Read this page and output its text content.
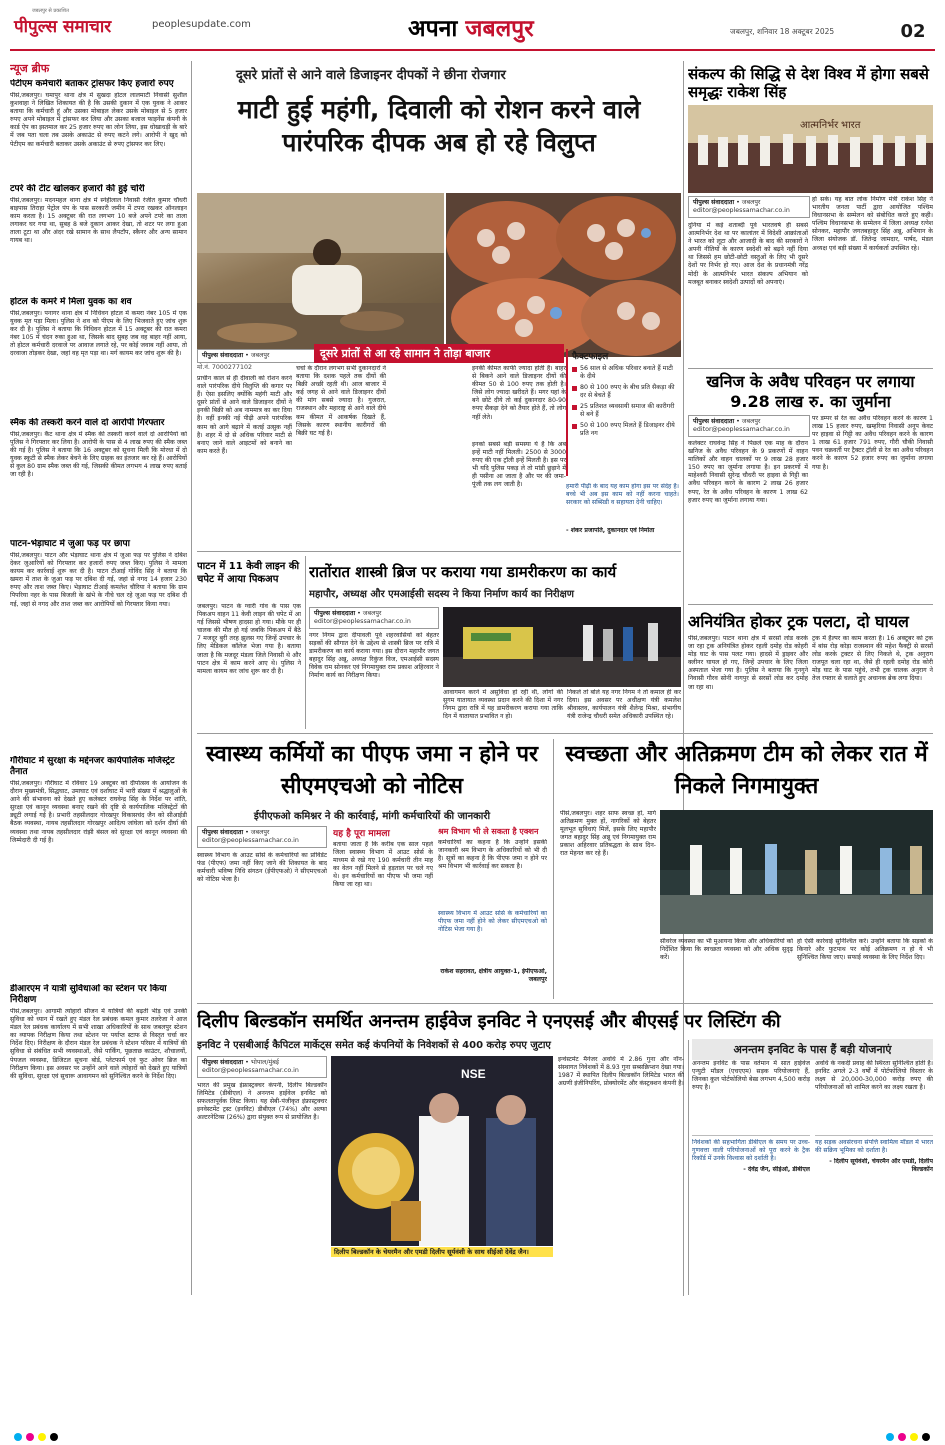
जबलपुर से प्रकाशित
पीपुल्स समाचार	peoplesupdate.com	अपना जबलपुर	जबलपुर, शनिवार 18 अक्टूबर 2025	02
न्यूज ब्रीफ
पेटीएम कर्मचारी बताकर ट्रांसफर किए हजारों रुपए
पीसं,जबलपुर। घमापुर थाना क्षेत्र में सुखदा होटल लालमाटी निवासी सुशील कुशवाहा ने लिखित शिकायत की है कि उसकी दुकान में एक युवक ने आकर बताया कि कर्मचारी हूं और उसका मोबाइल लेकर उसके मोबाइल से 5 हजार रुपए अपने मोबाइल में ट्रांसफर कर लिया और उसका बजाज फाइनेंस कंपनी के कार्ड ऐप का इस्तमाल कर 25 हजार रुपए का लोन लिया, इस धोखाधड़ी के बारे में जब पता चला तब उसके अकाउंट से रुपए कटने लगे। आरोपी ने खुद को पेटीएम का कर्मचारी बताकर उसके अकाउंट से रुपए ट्रांसफर कर लिए।
टपरे की टीट खोलकर हजारों की हुई चोरी
पीसं,जबलपुर। मदनमहल थाना क्षेत्र में स्नेहीलाल निवासी रंजीत कुमार चौधरी बाइपास तिराहा पेट्रोल पंप के पास सरकारी जमीन में टपरा रखकर ऑनलाइन काम करता है। 15 अक्टूबर की रात लगभग 10 बजे अपने टपरे का ताला लगाकर घर गया था, सुबह 8 बजे दुकान आकर देखा, तो शटर पर लगा हुआ ताला टूटा था और अंदर रखे सामान के साथ लैपटॉप, स्कैनर और अन्य सामान गायब था।
होटल के कमरे में मिला युवक का शव
पीसं,जबलपुर। पनागर थाना क्षेत्र में निधिवन होटल में कमरा नंबर 105 में एक युवक मृत पड़ा मिला। पुलिस ने शव को पीएम के लिए भिजवाते हुए जांच शुरू कर दी है। पुलिस ने बताया कि निधिवन होटल में 15 अक्टूबर की रात कमरा नंबर 105 में चंदन रुका हुआ था, जिसके बाद सुबह जब वह बाहर नहीं आया, तो होटल कर्मचारी दरवाजे पर आवाज लगाते रहे, पर कोई जवाब नहीं आया, तो दरवाजा तोड़कर देखा, जहां वह मृत पड़ा था। मर्ग कायम कर जांच शुरू की है।
स्मैक की तस्करी करने वाले दो आरोपी गिरफ्तार
पीसं,जबलपुर। कैंट थाना क्षेत्र में स्मैक की तस्करी करने वाले दो आरोपियों को पुलिस ने गिरफ्तार कर लिया है। आरोपी के पास से 4 लाख रुपए की स्मैक जब्त की गई है। पुलिस ने बताया कि 16 अक्टूबर को सूचना मिली कि मोरधा में दो युवक स्कूटी से स्मैक लेकर बेचने के लिए ग्राहक का इंतजार कर रहे हैं। आरोपियों से कुल 80 ग्राम स्मैक जब्त की गई, जिसकी कीमत लगभग 4 लाख रुपए बताई जा रही है।
पाटन-भेड़ाघाट में जुआ फड़ पर छापा
पीसं,जबलपुर। पाटन और भेड़ाघाट थाना क्षेत्र में जुआ फड़ पर पुलिस ने दबिश देकर जुआरियों को गिरफ्तार कर हजारों रुपए जब्त किए। पुलिस ने मामला कायम कर कार्रवाई शुरू कर दी है। पाटन टीआई गोविंद सिंह ने बताया कि खमरा में ताश के जुआ फड़ पर दबिश दी गई, जहां से नगद 14 हजार 230 रुपए और ताश जब्त किए। भेड़ाघाट टीआई कमलेश चौरिया ने बताया कि ग्राम पिपरिया नहर के पास बिजली के खंभे के नीचे चल रहे जुआ फड़ पर दबिश दी गई, जहां से नगद और ताश जब्त कर आरोपियों को गिरफ्तार किया गया।
गौरीघाट में सुरक्षा के मद्देनजर कार्यपालिक मजिस्ट्रेट तैनात
पीसं,जबलपुर। गौरीघाट में रविवार 19 अक्टूबर को दीपोत्सव के आयोजन के दौरान मुख्यमंत्री, सिद्धघाट, उमाघाट एवं दर्शाघाट में भारी संख्या में श्रद्धालुओं के आने की संभावना को देखते हुए कलेक्टर राघवेन्द्र सिंह के निर्देश पर शांति, सुरक्षा एवं कानून व्यवस्था बनाए रखने की दृष्टि से कार्यपालिक मजिस्ट्रेटों की ड्यूटी लगाई गई है। प्रभारी तहसीलदार गोरखपुर विकासचंद जैन को सीआईडी बैठक व्यवस्था, नायब तहसीलदार गोरखपुर आदित्य जांघेला को दर्शन दीर्घा की व्यवस्था तथा नायब तहसीलदार रांझी बंसल को सुरक्षा एवं कानून व्यवस्था की जिम्मेदारी दी गई है।
डीआरएम ने यात्री सुविधाओं का स्टेशन पर किया निरीक्षण
पीसं,जबलपुर। आगामी त्योहारों सीजन में यात्रियों की बढ़ती भीड़ एवं उनकी सुविधा को ध्यान में रखते हुए मंडल रेल प्रबंधक कमल कुमार तलरेजा ने आज मंडल रेल प्रबंधक कार्यालय में सभी शाखा अधिकारियों के साथ जबलपुर स्टेशन का व्यापक निरीक्षण किया तथा स्टेशन पर पर्याप्त स्टाफ से विस्तृत चर्चा कर निर्देश दिए। निरीक्षण के दौरान मंडल रेल प्रबंधक ने स्टेशन परिसर में यात्रियों की सुविधा से संबंधित सभी व्यवस्थाओं, जैसे पार्किंग, पूछताछ काउंटर, शौचालयों, पेयजल व्यवस्था, डिजिटल सूचना बोर्ड, प्लेटफार्म एवं फुट ओवर ब्रिज का निरीक्षण किया। इस अवसर पर उन्होंने आने वाले त्योहारों को देखते हुए यात्रियों की सुविधा, सुरक्षा एवं सुचारू आवागमन को सुनिश्चित करने के निर्देश दिए।
दूसरे प्रांतों से आने वाले डिजाइनर दीपकों ने छीना रोजगार
माटी हुई महंगी, दिवाली को रोशन करने वाले पारंपरिक दीपक अब हो रहे विलुप्त
पीपुल्स संवाददाता • जबलपुर
मो.नं. 7000277102
दूसरे प्रांतों से आ रहे सामान ने तोड़ा बाजार
प्राचीन काल से ही दीवाली को रोशन करने वाले पारंपरिक दीये विलुप्ति की कगार पर हैं। ऐसा इसलिए क्योंकि महंगी माटी और दूसरे प्रांतों से आने वाले डिजाइनर दीयों ने इनकी बिक्री को अब नाममात्र का कर दिया है। वहीं इनकी नई पीढ़ी अपने पारंपरिक काम को आगे बढ़ाने में कतई उत्सुक नहीं है। शहर में दो से अधिक परिवार माटी से बनाए जाने वाले आइटमों को बनाने का काम करते हैं।
चर्चा के दौरान लगभग सभी दुकानदारों ने बताया कि दशक पहले तक दीयों की बिक्री अच्छी रहती थी। आज बाजार में कई जगह से आने वाले डिजाइनर दीयों की मांग सबसे ज्यादा है। गुजरात, राजस्थान और महाराष्ट्र से आने वाले दीये कम कीमत में आकर्षक दिखते हैं, जिसके कारण स्थानीय कारीगरों की बिक्री घट गई है।
इनकी कीमत काफी ज्यादा होती है। बाहर से बिकने आने वाले डिजाइनर दीयों की कीमत 50 से 100 रुपए तक होती है। जिसे लोग ज्यादा खरीदते हैं। मगर यहां के बने छोटे दीये तो कई दुकानदार 80-90 रुपए सैकड़ा देने को तैयार होते हैं, तो लोग नहीं लेते।
इनको सबसे बड़ी समस्या ये है कि अब इन्हें माटी नहीं मिलती। 2500 से 3000 रुपए की एक ट्रॉली इन्हें मिलती है। इस पर भी यदि पुलिस पकड़ ले तो मांडी छुड़ाने में ही पसीना आ जाता है और पर की जमा-पूंजी तक लग जाती है।
फैक्टफाइल
56 साल से अधिक परिवार बनाते हैं माटी के दीये
80 से 100 रुपए के बीच प्रति सैकड़ा की दर से बेचते हैं
25 प्रतिशत व्यवसायी समाज की कारीगरी से बने हैं
50 से 100 रुपए मिलते हैं डिजाइनर दीये प्रति नग
हमारी पीढ़ी के बाद यह काम होगा इस पर संदेह है। बच्चे भी अब इस काम को नहीं करना चाहते। सरकार को सब्सिडी व सहायता देनी चाहिए।
- शंकर प्रजापति, दुकानदार एवं निर्माता
संकल्प की सिद्धि से देश विश्व में होगा सबसे समृद्धः राकेश सिंह
आत्मनिर्भर भारत
पीपुल्स संवाददाता • जबलपुर
editor@peoplessamachar.co.in
दुनिया में कई शताब्दी पूर्व भारतवर्ष ही सबसे आत्मनिर्भर देश था पर कालांतर में विदेशी आक्रांताओं ने भारत को लूटा और आजादी के बाद की सरकारों ने अपनी नीतियों के कारण स्वदेशी को बढ़ने नहीं दिया था जिससे हम छोटी-छोटी वस्तुओं के लिए भी दूसरे देशों पर निर्भर हो गए। आज देश के प्रधानमंत्री नरेंद्र मोदी के आत्मनिर्भर भारत संकल्प अभियान को मजबूत बनाकर स्वदेशी उत्पादों को अपनाएं।
हो सके। यह बात लोक निर्माण मंत्री राकेश सिंह ने भारतीय जनता पार्टी द्वारा आयोजित पश्चिम विधानसभा के सम्मेलन को संबोधित करते हुए कही। पश्चिम विधानसभा के सम्मेलन में जिला अध्यक्ष रत्नेश सोनकर, महापौर जगतबहादुर सिंह अन्नू, अभियान के जिला संयोजक डॉ. जितेन्द्र जामदार, पार्षद, मंडल अध्यक्ष एवं बड़ी संख्या में कार्यकर्ता उपस्थित रहे।
खनिज के अवैध परिवहन पर लगाया 9.28 लाख रु. का जुर्माना
पीपुल्स संवाददाता • जबलपुर
editor@peoplessamachar.co.in
कलेक्टर राघवेन्द्र सिंह ने पिछले एक माह के दौरान खनिज के अवैध परिवहन के 9 प्रकरणों में वाहन मालिकों और वाहन चालकों पर 9 लाख 28 हजार 150 रुपए का जुर्माना लगाया है। इन प्रकरणों में माहेश्वरी निवासी सुरेन्द्र चौधरी पर हाइवा से गिट्टी का अवैध परिवहन करने के कारण 2 लाख 26 हजार रुपए, रेत के अवैध परिवहन के कारण 1 लाख 62 हजार रुपए का जुर्माना लगाया गया।
पर डम्पर से रेत का अवैध परिवहन करने के कारण 1 लाख 15 हजार रुपए, खम्हरिया निवासी अनूप केवट पर हाइवा से गिट्टी का अवैध परिवहन करने के कारण 1 लाख 61 हजार 791 रुपए, गौरी चौकी निवासी पवन चक्रवर्ती पर ट्रैक्टर ट्रॉली से रेत का अवैध परिवहन करने के कारण 52 हजार रुपए का जुर्माना लगाया गया है।
अनियंत्रित होकर ट्रक पलटा, दो घायल
पीसं,जबलपुर। पाटन थाना क्षेत्र में सरसों लोड करके जा रहा ट्रक अनियंत्रित होकर रहली दमोह रोड कोहरी मोड़ घाट के पास पलट गया। हादसे में ड्राइवर और क्लीनर घायल हो गए, जिन्हें उपचार के लिए जिला अस्पताल भेजा गया है। पुलिस ने बताया कि गुनगुने निवासी गौरव सोनी नागपुर से सरसों लोड कर दमोह जा रहा था।
ट्रक में हैल्पर का काम करता है। 16 अक्टूबर को ट्रक में बांस रोड़ कोड़ा राजस्थान की महेश फैक्ट्री से सरसों लोड करके ट्रक्टर से लिए निकले थे, ट्रक अनुराग राजपूत चला रहा था, जैसे ही रहली दमोह रोड कोरी मोड़ घाट के पास पहुंचे, तभी ट्रक चालक अनुराग ने तेज रफ्तार से चलाते हुए अचानक ब्रेक लगा दिया।
पाटन में 11 केवी लाइन की चपेट में आया पिकअप
जबलपुर। पाटन के ग्वारी गांव के पास एक पिकअप वाहन 11 केवी लाइन की चपेट में आ गई जिससे भीषण हादसा हो गया। मौके पर ही चालक की मौत हो गई जबकि पिकअप में बैठे 7 मजदूर बुरी तरह झुलस गए जिन्हें उपचार के लिए मेडिकल कॉलेज भेजा गया है। बताया जाता है कि मजदूर मंडला जिले निवासी थे और पाटन क्षेत्र में काम करने आए थे। पुलिस ने मामला कायम कर जांच शुरू कर दी है।
रातोंरात शास्त्री ब्रिज पर कराया गया डामरीकरण का कार्य
महापौर, अध्यक्ष और एमआईसी सदस्य ने किया निर्माण कार्य का निरीक्षण
पीपुल्स संवाददाता • जबलपुर
editor@peoplessamachar.co.in
नगर निगम द्वारा दीपावली पूर्व शहरवासियों को बेहतर सड़कों की सौगात देने के उद्देश्य से शास्त्री ब्रिज पर रात्रि में डामरीकरण का कार्य कराया गया। इस दौरान महापौर जगत बहादुर सिंह अन्नू, अध्यक्ष रिकुंज विज, एमआईसी सदस्य विवेक राम सोनकर एवं निगमायुक्त राम प्रकाश अहिरवार ने निर्माण कार्य का निरीक्षण किया।
आवागमन करने में असुविधा हो रही थी, लोगों की सुगम यातायात व्यवस्था प्रदान करने की दिशा में नगर निगम द्वारा रात्रि में यह डामरीकरण कराया गया ताकि दिन में यातायात प्रभावित न हो।
निकले तो बोले यह नगर निगम ने तो कमाल ही कर दिया। इस अवसर पर अधीक्षण यंत्री कमलेश श्रीवास्तव, कार्यपालन यंत्री शैलेन्द्र मिश्रा, संभागीय यंत्री राजेन्द्र चौधरी समेत अधिकारी उपस्थित रहे।
स्वास्थ्य कर्मियों का पीएफ जमा न होने पर सीएमएचओ को नोटिस
ईपीएफओ कमिश्नर ने की कार्रवाई, मांगी कर्मचारियों की जानकारी
पीपुल्स संवाददाता • जबलपुर
editor@peoplessamachar.co.in
स्वास्थ्य विभाग के आउट सोर्स के कर्मचारियों का प्रोविडेंट फंड (पीएफ) जमा नहीं किए जाने की शिकायत के बाद कर्मचारी भविष्य निधि संगठन (ईपीएफओ) ने सीएमएचओ को नोटिस भेजा है।
यह है पूरा मामला
बताया जाता है कि करीब एक साल पहले जिला स्वास्थ्य विभाग में आउट सोर्स के माध्यम से रखे गए 190 कर्मचारी तीन माह का वेतन नहीं मिलने से हड़ताल पर चले गए थे। इन कर्मचारियों का पीएफ भी जमा नहीं किया जा रहा था।
श्रम विभाग भी ले सकता है एक्शन
कर्मचारियों का कहना है कि उन्होंने इसकी जानकारी श्रम विभाग के अधिकारियों को भी दी है। सूत्रों का कहना है कि पीएफ जमा न होने पर श्रम विभाग भी कार्रवाई कर सकता है।
स्वास्थ्य विभाग में आउट सोर्स के कर्मचारियों का पीएफ जमा नहीं होने को लेकर सीएमएचओ को नोटिस भेजा गया है।
राकेश सहरावत, क्षेत्रीय आयुक्त-1, ईपीएफओ, जबलपुर
स्वच्छता और अतिक्रमण टीम को लेकर रात में निकले निगमायुक्त
पीसं,जबलपुर। शहर साफ स्वच्छ हो, मार्ग अतिक्रमण मुक्त हों, नागरिकों को बेहतर मूलभूत सुविधाएं मिलें, इसके लिए महापौर जगत बहादुर सिंह अन्नू एवं निगमायुक्त राम प्रकाश अहिरवार प्रतिबद्धता के साथ दिन-रात मेहनत कर रहे हैं।
सीवरेज व्यवस्था का भी मुआयना किया और अधिकारियों को निर्देशित किया कि स्वच्छता व्यवस्था को और अधिक सुदृढ़ करें।
हो ऐसी कार्रवाई सुनिश्चित करें। उन्होंने बताया कि सड़कों के किनारे और फुटपाथ पर कोई अतिक्रमण न हो ये भी सुनिश्चित किया जाए। सफाई व्यवस्था के लिए निर्देश दिए।
दिलीप बिल्डकॉन समर्थित अनन्तम हाईवेज इनविट ने एनएसई और बीएसई पर लिस्टिंग की
इनविट ने एसबीआई कैपिटल मार्केट्स समेत कई कंपनियों के निवेशकों से 400 करोड़ रुपए जुटाए
पीपुल्स संवाददाता • भोपाल/मुंबई
editor@peoplessamachar.co.in
भारत की प्रमुख इंफ्रास्ट्रक्चर कंपनी, दिलीप बिल्डकॉन लिमिटेड (डीबीएल) ने अनन्तम हाईवेज इनविट को सफलतापूर्वक लिस्ट किया। यह सेबी-पंजीकृत इंफ्रास्ट्रक्चर इनवेस्टमेंट ट्रस्ट (इनविट) डीबीएल (74%) और अल्फा अल्टरनेटिव्स (26%) द्वारा संयुक्त रूप से प्रायोजित है।
NSE
दिलीप बिल्डकॉन के चेयरमैन और एमडी दिलीप सूर्यवंशी के साथ सीईओ देवेंद्र जैन।
इन्वेस्टमेंट मैनेजर अवधि में 2.86 गुना और नॉन-संस्थागत निवेशकों में 8.93 गुना सब्सक्रिप्शन देखा गया। 1987 में स्थापित दिलीप बिल्डकॉन लिमिटेड भारत की अग्रणी इंजीनियरिंग, प्रोक्योरमेंट और कंस्ट्रक्शन कंपनी है।
अनन्तम इनविट के पास हैं बड़ी योजनाएं
अनन्तम इनविट के पास वर्तमान में सात हाईवेज एन्युटी मॉडल (एचएएम) सड़क परियोजनाएं हैं, जिनका कुल पोर्टफोलियो बेस्ड लगभग 4,500 करोड़ रुपए है।
अवधि के नकदी प्रवाह की स्थिरता सुनिश्चित होती है। इनविट अगले 2-3 वर्षों में पोर्टफोलियो विस्तार के लक्ष्य से 20,000-30,000 करोड़ रुपए की परियोजनाओं को शामिल करने का लक्ष्य रखता है।
निवेशकों की सहभागिता डीबीएल के समय पर उच्च-गुणवत्ता वाली परियोजनाओं को पूरा करने के ट्रैक रिकॉर्ड में उनके विश्वास को दर्शाती है।
- देवेंद्र जैन, सीईओ, डीबीएल
यह सड़क अवसंरचना संपत्ति स्वामित्व मॉडल में भारत की सक्रिय भूमिका को दर्शाता है।
- दिलीप सूर्यवंशी, चेयरमैन और एमडी, दिलीप बिल्डकॉन
